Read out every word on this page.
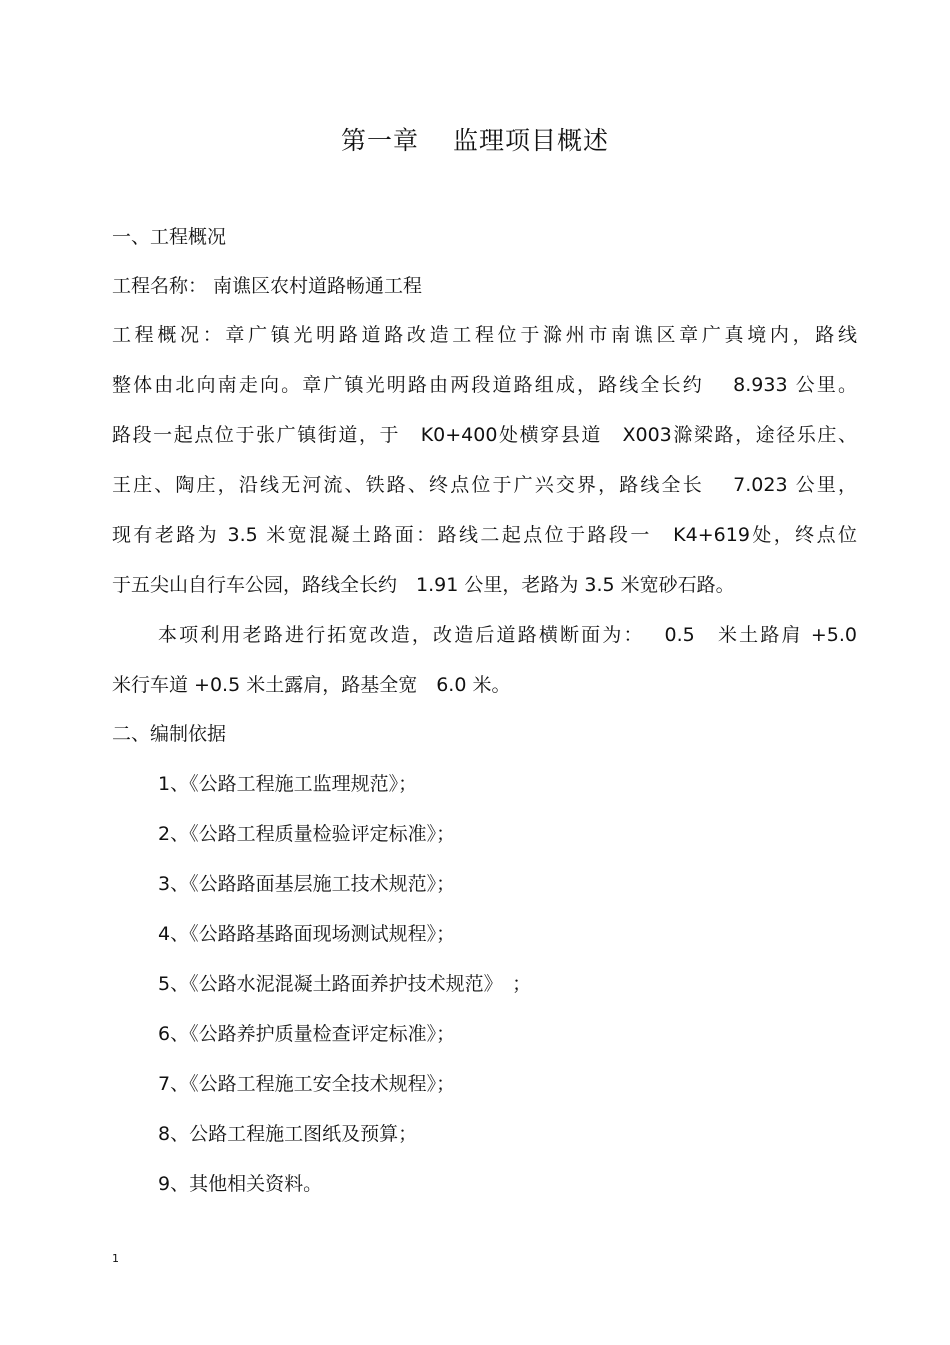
第一章 监理项目概述
一、工程概况
工程名称： 南谯区农村道路畅通工程
工程概况：章广镇光明路道路改造工程位于滁州市南谯区章广真境内，路线
整体由北向南走向。章广镇光明路由两段道路组成，路线全长约　 8.933 公里。
路段一起点位于张广镇街道，于　K0+400处横穿县道　X003滁梁路，途径乐庄、
王庄、陶庄，沿线无河流、铁路、终点位于广兴交界，路线全长　 7.023 公里，
现有老路为 3.5 米宽混凝土路面：路线二起点位于路段一　K4+619处，终点位
于五尖山自行车公园，路线全长约　1.91 公里，老路为 3.5 米宽砂石路。
本项利用老路进行拓宽改造，改造后道路横断面为：　 0.5　米土路肩 +5.0
米行车道 +0.5 米土露肩，路基全宽　6.0 米。
二、编制依据
1、《公路工程施工监理规范》；
2、《公路工程质量检验评定标准》；
3、《公路路面基层施工技术规范》；
4、《公路路基路面现场测试规程》；
5、《公路水泥混凝土路面养护技术规范》　；
6、《公路养护质量检查评定标准》；
7、《公路工程施工安全技术规程》；
8、公路工程施工图纸及预算；
9、其他相关资料。
1
